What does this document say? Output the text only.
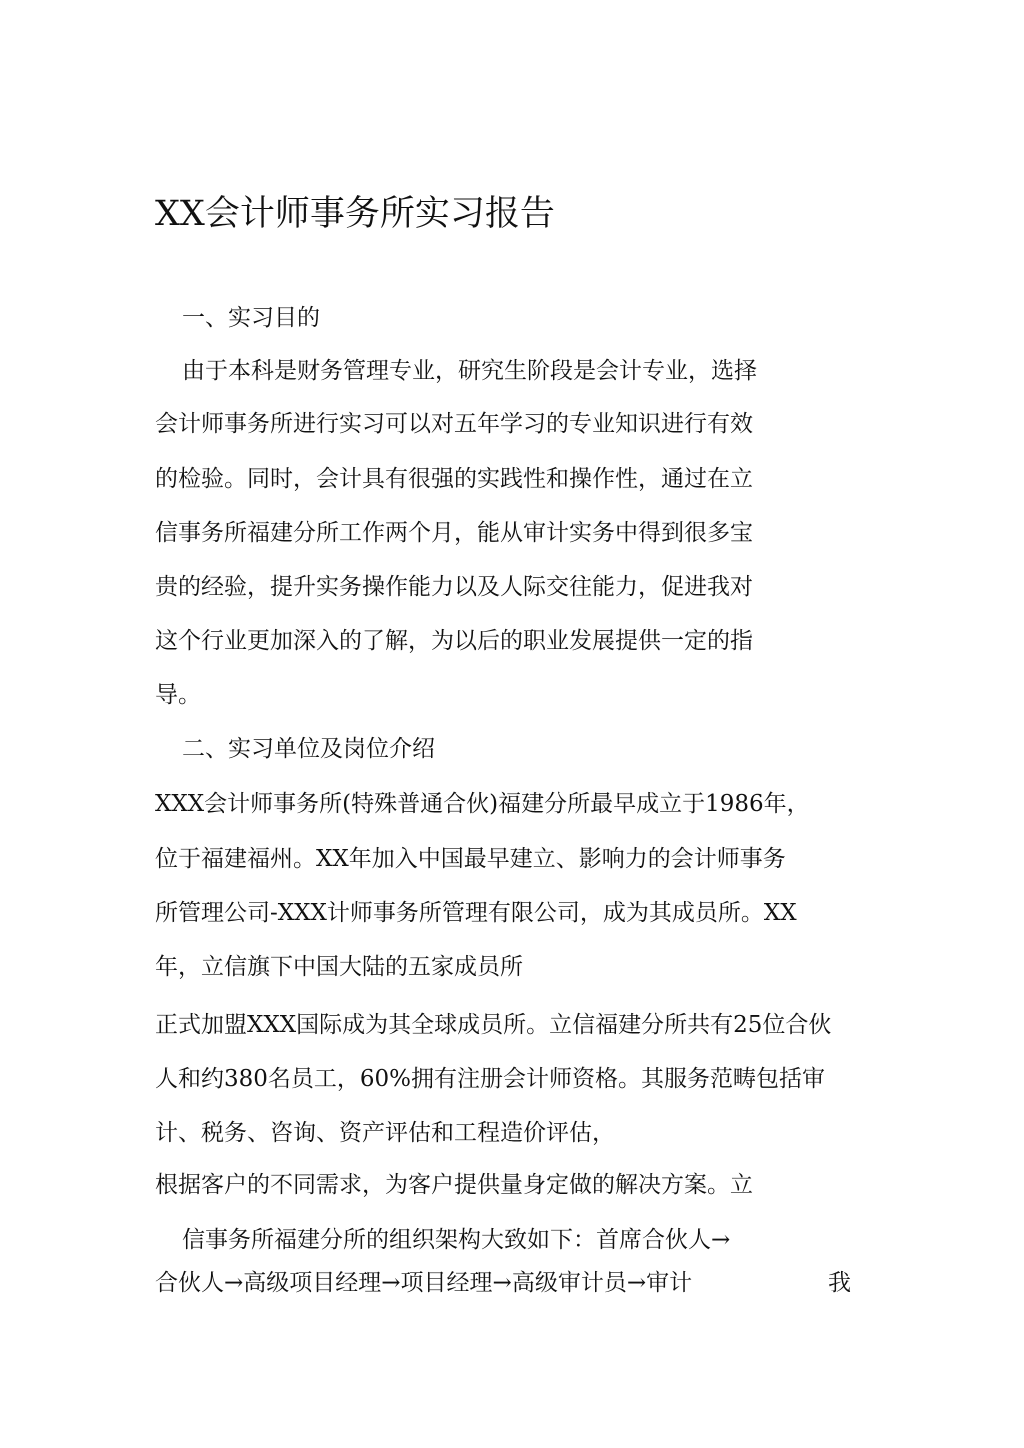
XX会计师事务所实习报告
一、实习目的
由于本科是财务管理专业，研究生阶段是会计专业，选择
会计师事务所进行实习可以对五年学习的专业知识进行有效
的检验。同时，会计具有很强的实践性和操作性，通过在立
信事务所福建分所工作两个月，能从审计实务中得到很多宝
贵的经验，提升实务操作能力以及人际交往能力，促进我对
这个行业更加深入的了解，为以后的职业发展提供一定的指
导。
二、实习单位及岗位介绍
XXX会计师事务所(特殊普通合伙)福建分所最早成立于1986年，
位于福建福州。XX年加入中国最早建立、影响力的会计师事务
所管理公司-XXX计师事务所管理有限公司，成为其成员所。XX
年，立信旗下中国大陆的五家成员所
正式加盟XXX国际成为其全球成员所。立信福建分所共有25位合伙
人和约380名员工，60%拥有注册会计师资格。其服务范畴包括审
计、税务、咨询、资产评估和工程造价评估，
根据客户的不同需求，为客户提供量身定做的解决方案。立
信事务所福建分所的组织架构大致如下：首席合伙人→
合伙人→高级项目经理→项目经理→高级审计员→审计	我
